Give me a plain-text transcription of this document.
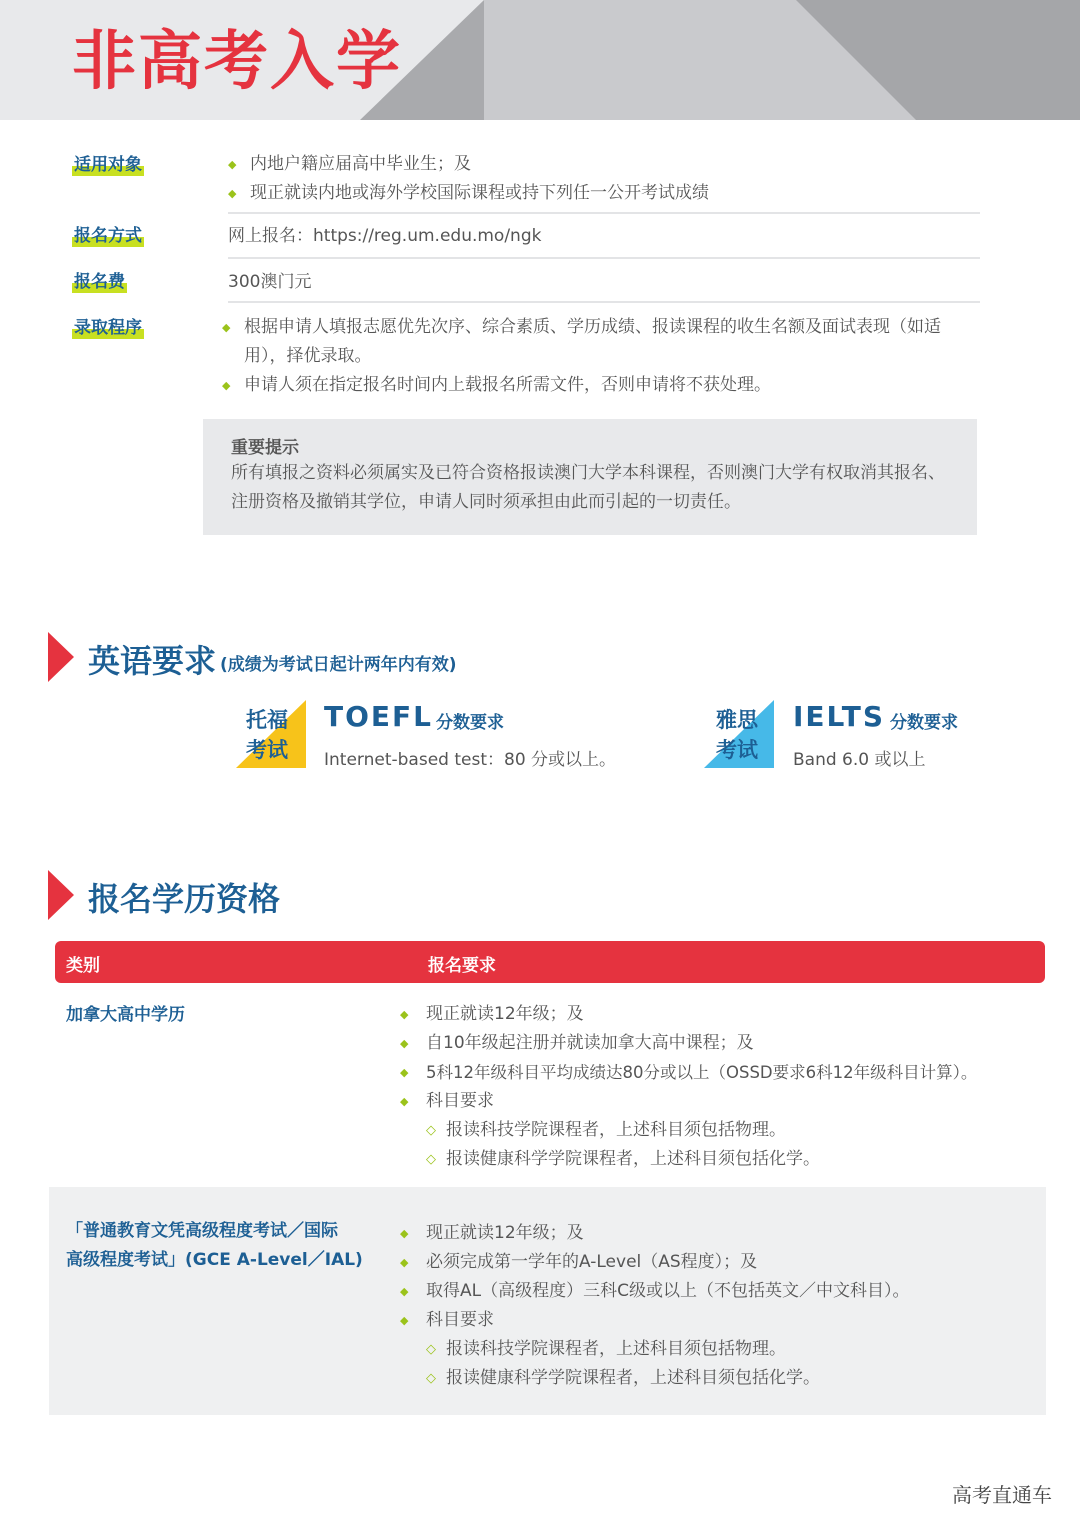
非高考入学
适用对象	◆ 内地户籍应届高中毕业生；及
◆ 现正就读内地或海外学校国际课程或持下列任一公开考试成绩
报名方式	网上报名：https://reg.um.edu.mo/ngk
报名费	300澳门元
录取程序	◆ 根据申请人填报志愿优先次序、综合素质、学历成绩、报读课程的收生名额及面试表现（如适用），择优录取。
◆ 申请人须在指定报名时间内上载报名所需文件，否则申请将不获处理。
重要提示
所有填报之资料必须属实及已符合资格报读澳门大学本科课程，否则澳门大学有权取消其报名、注册资格及撤销其学位，申请人同时须承担由此而引起的一切责任。
英语要求 (成绩为考试日起计两年内有效)
托福
考试
TOEFL 分数要求
Internet-based test：80 分或以上。
雅思
考试
IELTS 分数要求
Band 6.0 或以上
报名学历资格
类别	报名要求
加拿大高中学历	◆ 现正就读12年级；及
◆ 自10年级起注册并就读加拿大高中课程；及
◆ 5科12年级科目平均成绩达80分或以上（OSSD要求6科12年级科目计算）。
◆ 科目要求
◇ 报读科技学院课程者，上述科目须包括物理。
◇ 报读健康科学学院课程者，上述科目须包括化学。
「普通教育文凭高级程度考试／国际
高级程度考试」(GCE A-Level／IAL)
◆ 现正就读12年级；及
◆ 必须完成第一学年的A-Level（AS程度）；及
◆ 取得AL（高级程度）三科C级或以上（不包括英文／中文科目）。
◆ 科目要求
◇ 报读科技学院课程者，上述科目须包括物理。
◇ 报读健康科学学院课程者，上述科目须包括化学。
高考直通车
